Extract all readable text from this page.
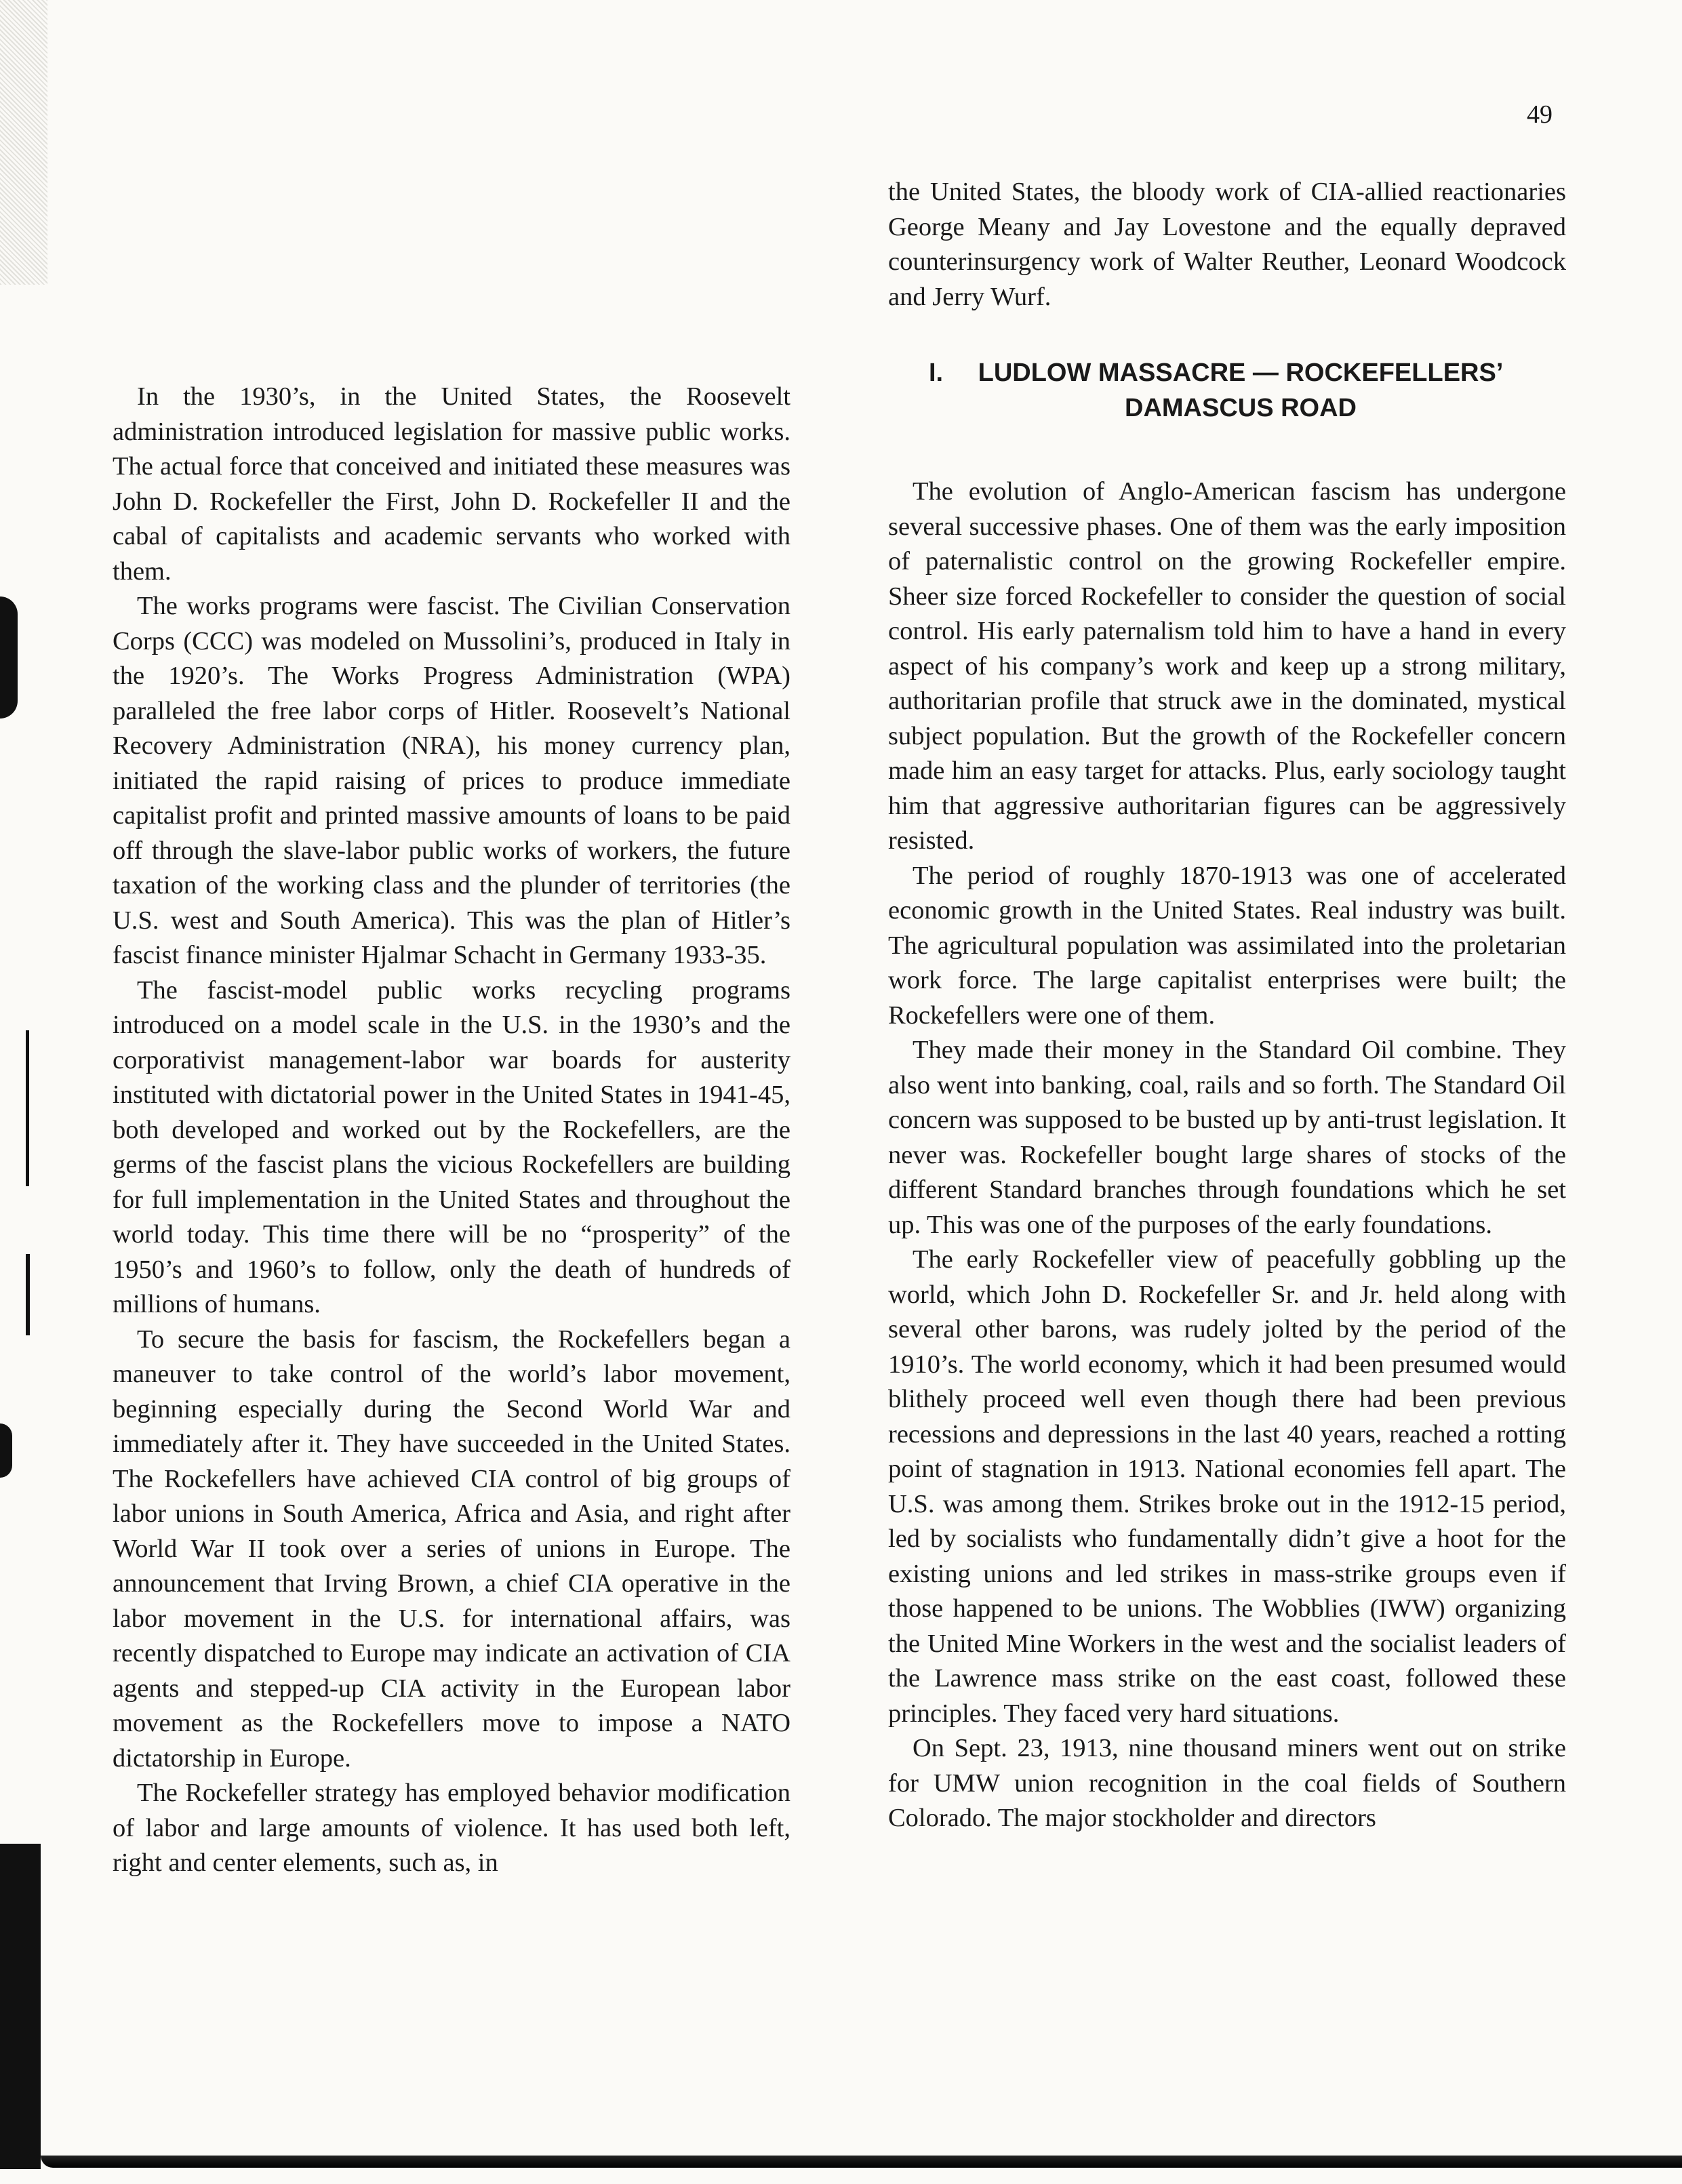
49

In the 1930’s, in the United States, the Roosevelt administration introduced legislation for massive public works. The actual force that conceived and initiated these measures was John D. Rockefeller the First, John D. Rockefeller II and the cabal of capitalists and academic servants who worked with them.

The works programs were fascist. The Civilian Conservation Corps (CCC) was modeled on Mussolini’s, produced in Italy in the 1920’s. The Works Progress Administration (WPA) paralleled the free labor corps of Hitler. Roosevelt’s National Recovery Administration (NRA), his money currency plan, initiated the rapid raising of prices to produce immediate capitalist profit and printed massive amounts of loans to be paid off through the slave-labor public works of workers, the future taxation of the working class and the plunder of territories (the U.S. west and South America). This was the plan of Hitler’s fascist finance minister Hjalmar Schacht in Germany 1933-35.

The fascist-model public works recycling programs introduced on a model scale in the U.S. in the 1930’s and the corporativist management-labor war boards for austerity instituted with dictatorial power in the United States in 1941-45, both developed and worked out by the Rockefellers, are the germs of the fascist plans the vicious Rockefellers are building for full implementation in the United States and throughout the world today. This time there will be no “prosperity” of the 1950’s and 1960’s to follow, only the death of hundreds of millions of humans.

To secure the basis for fascism, the Rockefellers began a maneuver to take control of the world’s labor movement, beginning especially during the Second World War and immediately after it. They have succeeded in the United States. The Rockefellers have achieved CIA control of big groups of labor unions in South America, Africa and Asia, and right after World War II took over a series of unions in Europe. The announcement that Irving Brown, a chief CIA operative in the labor movement in the U.S. for international affairs, was recently dispatched to Europe may indicate an activation of CIA agents and stepped-up CIA activity in the European labor movement as the Rockefellers move to impose a NATO dictatorship in Europe.

The Rockefeller strategy has employed behavior modification of labor and large amounts of violence. It has used both left, right and center elements, such as, in

the United States, the bloody work of CIA-allied reactionaries George Meany and Jay Lovestone and the equally depraved counterinsurgency work of Walter Reuther, Leonard Woodcock and Jerry Wurf.

I. LUDLOW MASSACRE — ROCKEFELLERS’
DAMASCUS ROAD

The evolution of Anglo-American fascism has undergone several successive phases. One of them was the early imposition of paternalistic control on the growing Rockefeller empire. Sheer size forced Rockefeller to consider the question of social control. His early paternalism told him to have a hand in every aspect of his company’s work and keep up a strong military, authoritarian profile that struck awe in the dominated, mystical subject population. But the growth of the Rockefeller concern made him an easy target for attacks. Plus, early sociology taught him that aggressive authoritarian figures can be aggressively resisted.

The period of roughly 1870-1913 was one of accelerated economic growth in the United States. Real industry was built. The agricultural population was assimilated into the proletarian work force. The large capitalist enterprises were built; the Rockefellers were one of them.

They made their money in the Standard Oil combine. They also went into banking, coal, rails and so forth. The Standard Oil concern was supposed to be busted up by anti-trust legislation. It never was. Rockefeller bought large shares of stocks of the different Standard branches through foundations which he set up. This was one of the purposes of the early foundations.

The early Rockefeller view of peacefully gobbling up the world, which John D. Rockefeller Sr. and Jr. held along with several other barons, was rudely jolted by the period of the 1910’s. The world economy, which it had been presumed would blithely proceed well even though there had been previous recessions and depressions in the last 40 years, reached a rotting point of stagnation in 1913. National economies fell apart. The U.S. was among them. Strikes broke out in the 1912-15 period, led by socialists who fundamentally didn’t give a hoot for the existing unions and led strikes in mass-strike groups even if those happened to be unions. The Wobblies (IWW) organizing the United Mine Workers in the west and the socialist leaders of the Lawrence mass strike on the east coast, followed these principles. They faced very hard situations.

On Sept. 23, 1913, nine thousand miners went out on strike for UMW union recognition in the coal fields of Southern Colorado. The major stockholder and directors
